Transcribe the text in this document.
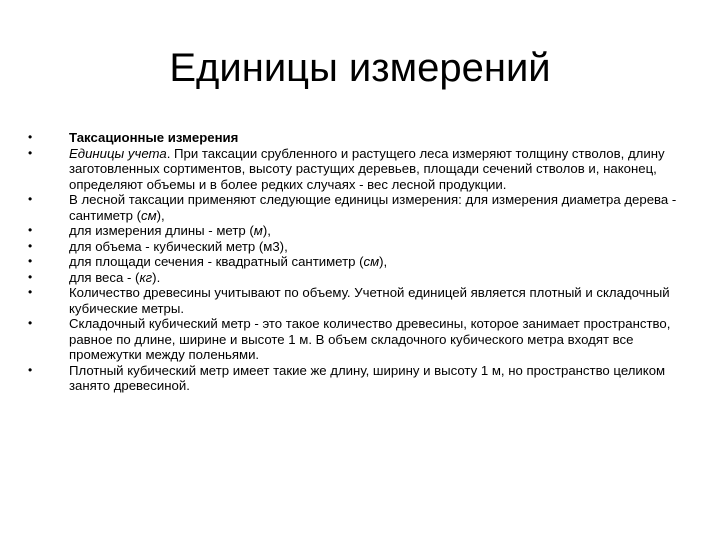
Единицы измерений
• Таксационные измерения
• Единицы учета. При таксации срубленного и растущего леса измеряют толщину стволов, длину заготовленных сортиментов, высоту растущих деревьев, площади сечений стволов и, наконец, определяют объемы и в более редких случаях - вес лесной продукции.
• В лесной таксации применяют следующие единицы измерения: для измерения диаметра дерева - сантиметр (см),
• для измерения длины - метр (м),
• для объема - кубический метр (м3),
• для площади сечения - квадратный сантиметр (см),
• для веса - (кг).
• Количество древесины учитывают по объему. Учетной единицей является плотный и складочный кубические метры.
• Складочный кубический метр - это такое количество древесины, которое занимает пространство, равное по длине, ширине и высоте 1 м. В объем складочного кубического метра входят все промежутки между поленьями.
• Плотный кубический метр имеет такие же длину, ширину и высоту 1 м, но пространство целиком занято древесиной.
